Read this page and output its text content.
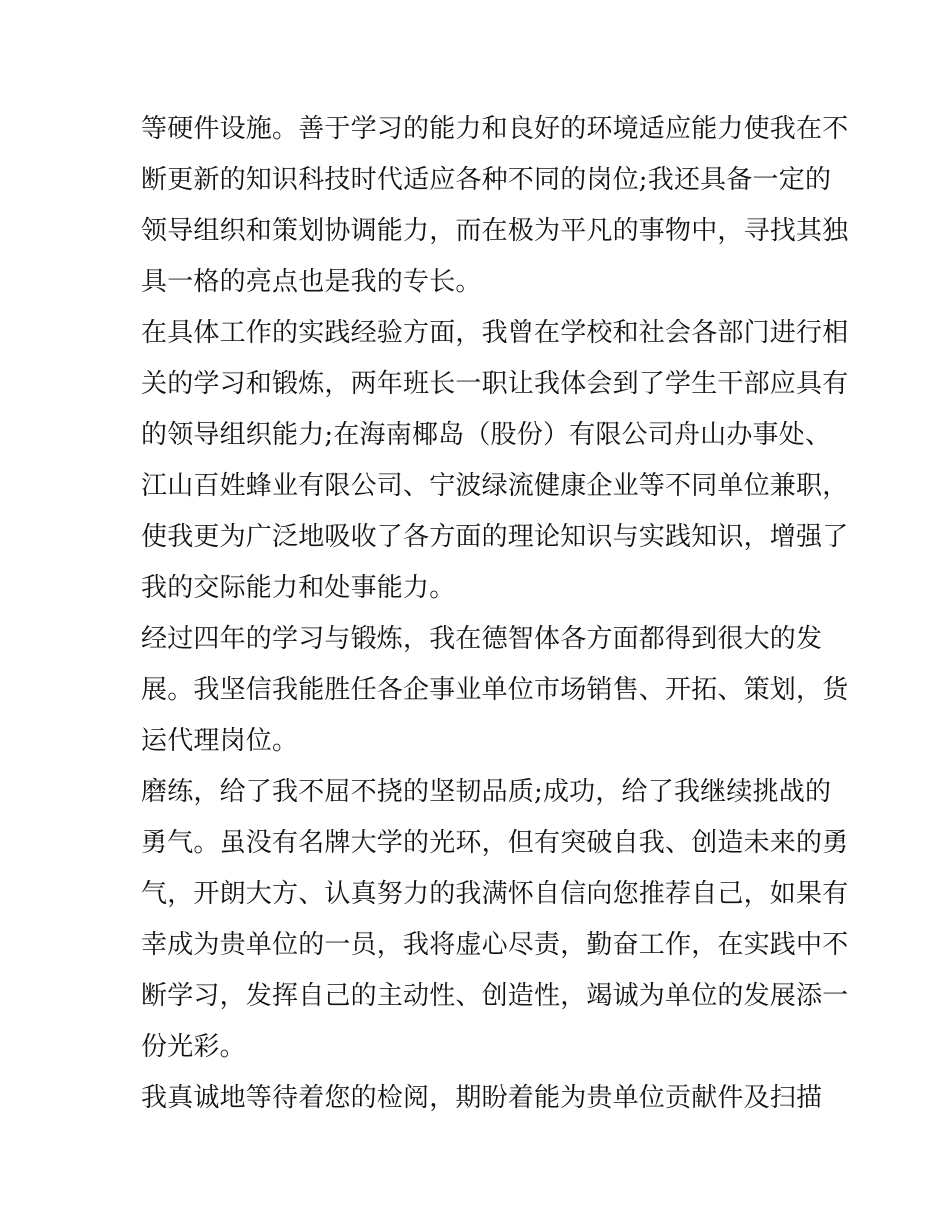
等硬件设施。善于学习的能力和良好的环境适应能力使我在不
断更新的知识科技时代适应各种不同的岗位;我还具备一定的
领导组织和策划协调能力，而在极为平凡的事物中，寻找其独
具一格的亮点也是我的专长。
在具体工作的实践经验方面，我曾在学校和社会各部门进行相
关的学习和锻炼，两年班长一职让我体会到了学生干部应具有
的领导组织能力;在海南椰岛（股份）有限公司舟山办事处、
江山百姓蜂业有限公司、宁波绿流健康企业等不同单位兼职，
使我更为广泛地吸收了各方面的理论知识与实践知识，增强了
我的交际能力和处事能力。
经过四年的学习与锻炼，我在德智体各方面都得到很大的发
展。我坚信我能胜任各企事业单位市场销售、开拓、策划，货
运代理岗位。
磨练，给了我不屈不挠的坚韧品质;成功，给了我继续挑战的
勇气。虽没有名牌大学的光环，但有突破自我、创造未来的勇
气，开朗大方、认真努力的我满怀自信向您推荐自己，如果有
幸成为贵单位的一员，我将虚心尽责，勤奋工作，在实践中不
断学习，发挥自己的主动性、创造性，竭诚为单位的发展添一
份光彩。
我真诚地等待着您的检阅，期盼着能为贵单位贡献件及扫描
